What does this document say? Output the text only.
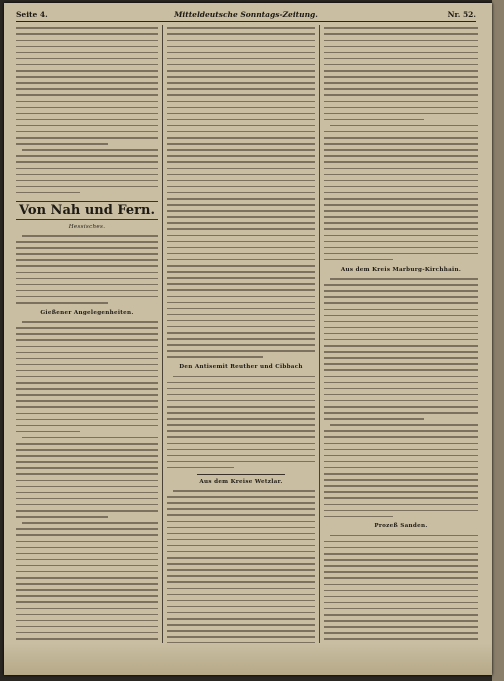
Seite 4.	Mitteldeutsche Sonntags-Zeitung.	Nr. 52.
Von Nah und Fern.
Hessisches.
Gießener Angelegenheiten.
Den Antisemit Reuther und Cibbach
Aus dem Kreise Wetzlar.
Aus dem Kreis Marburg-Kirchhain.
Prozeß Sanden.
